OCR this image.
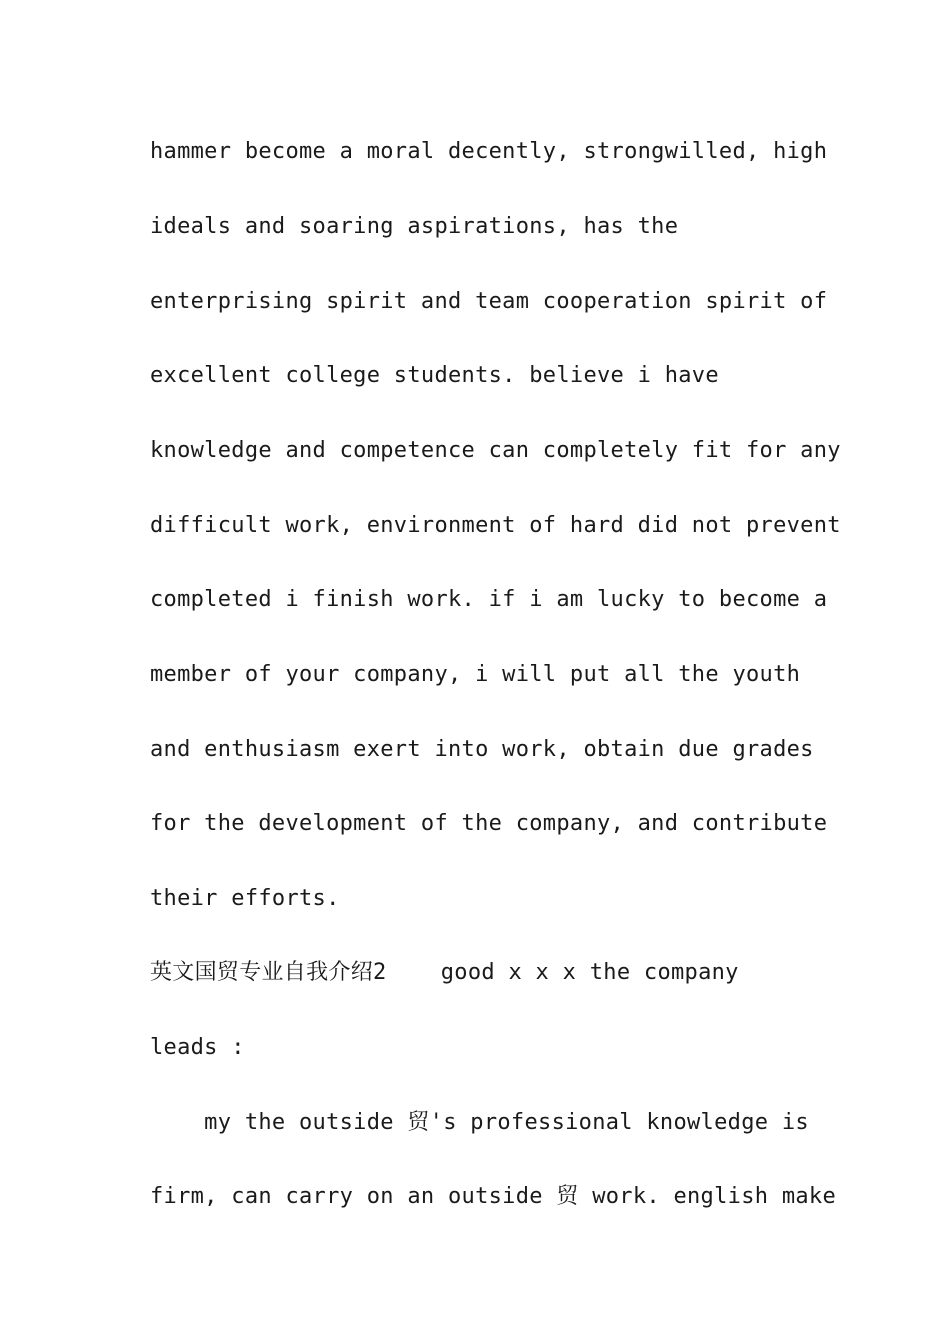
hammer become a moral decently, strongwilled, high
ideals and soaring aspirations, has the
enterprising spirit and team cooperation spirit of
excellent college students. believe i have
knowledge and competence can completely fit for any
difficult work, environment of hard did not prevent
completed i finish work. if i am lucky to become a
member of your company, i will put all the youth
and enthusiasm exert into work, obtain due grades
for the development of the company, and contribute
their efforts.
英文国贸专业自我介绍2    good x x x the company
leads :
my the outside 贸's professional knowledge is
firm, can carry on an outside 贸 work. english make
